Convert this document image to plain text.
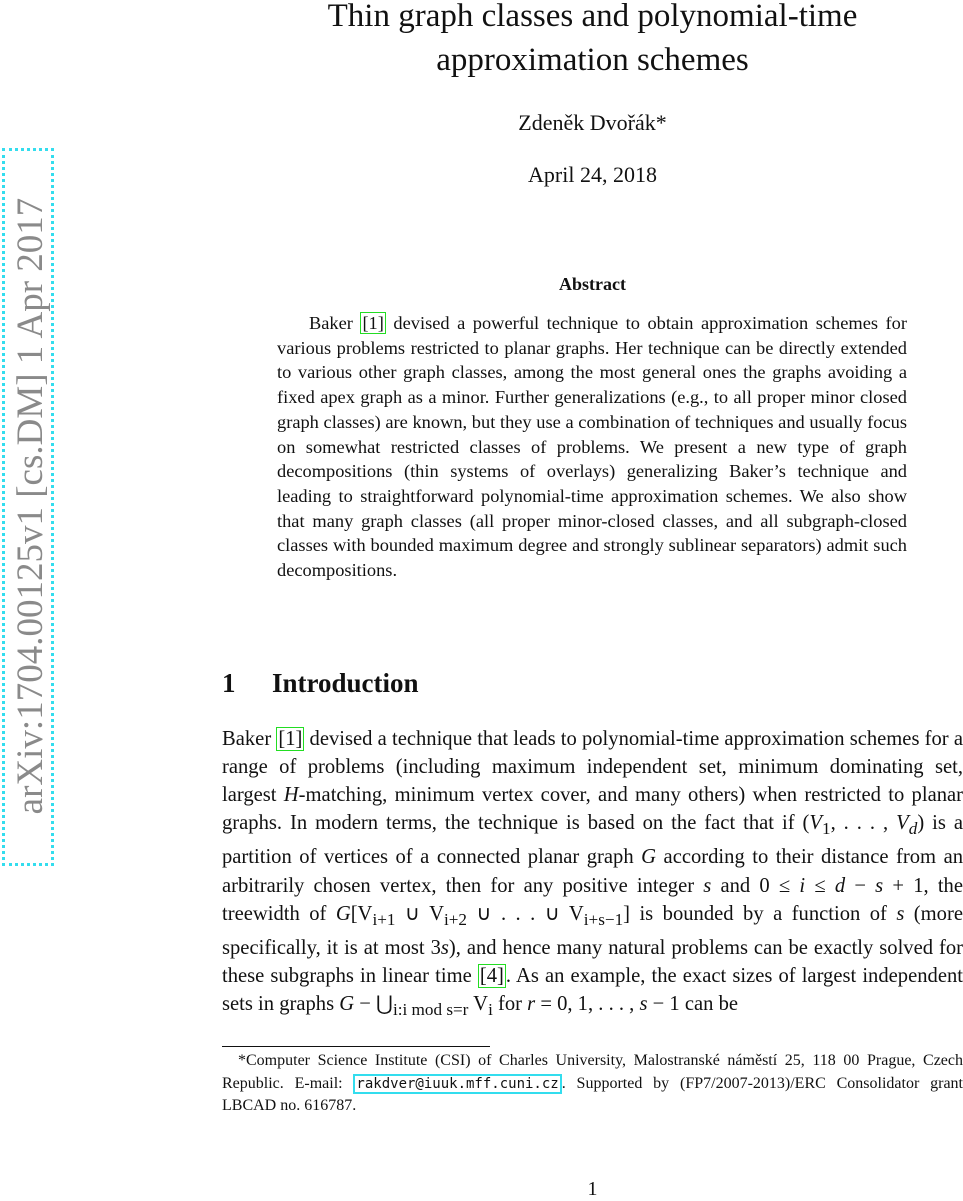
arXiv:1704.00125v1 [cs.DM] 1 Apr 2017
Thin graph classes and polynomial-time
approximation schemes
Zdeněk Dvořák*
April 24, 2018
Abstract

Baker [1] devised a powerful technique to obtain approximation schemes for various problems restricted to planar graphs. Her technique can be directly extended to various other graph classes, among the most general ones the graphs avoiding a fixed apex graph as a minor. Further generalizations (e.g., to all proper minor closed graph classes) are known, but they use a combination of techniques and usually focus on somewhat restricted classes of problems. We present a new type of graph decompositions (thin systems of overlays) generalizing Baker’s technique and leading to straightforward polynomial-time approximation schemes. We also show that many graph classes (all proper minor-closed classes, and all subgraph-closed classes with bounded maximum degree and strongly sublinear separators) admit such decompositions.

1 Introduction

Baker [1] devised a technique that leads to polynomial-time approximation schemes for a range of problems (including maximum independent set, minimum dominating set, largest H-matching, minimum vertex cover, and many others) when restricted to planar graphs. In modern terms, the technique is based on the fact that if ($V_1$, . . . , $V_d$) is a partition of vertices of a connected planar graph G according to their distance from an arbitrarily chosen vertex, then for any positive integer s and 0 ≤ i ≤ d − s + 1, the treewidth of $G[V_{i+1}$ ∪ $V_{i+2}$ ∪ . . . ∪ $V_{i+s-1}$] is bounded by a function of s (more specifically, it is at most 3s), and hence many natural problems can be exactly solved for these subgraphs in linear time [4]. As an example, the exact sizes of largest independent sets in graphs $G - ⋃_{i:i mod s=r}$ $V_i$ for r = 0, 1, . . . , s − 1 can be

*Computer Science Institute (CSI) of Charles University, Malostranské náměstí 25, 118 00 Prague, Czech Republic. E-mail: rakdver@iuuk.mff.cuni.cz . Supported by (FP7/2007-2013)/ERC Consolidator grant LBCAD no. 616787.

1
